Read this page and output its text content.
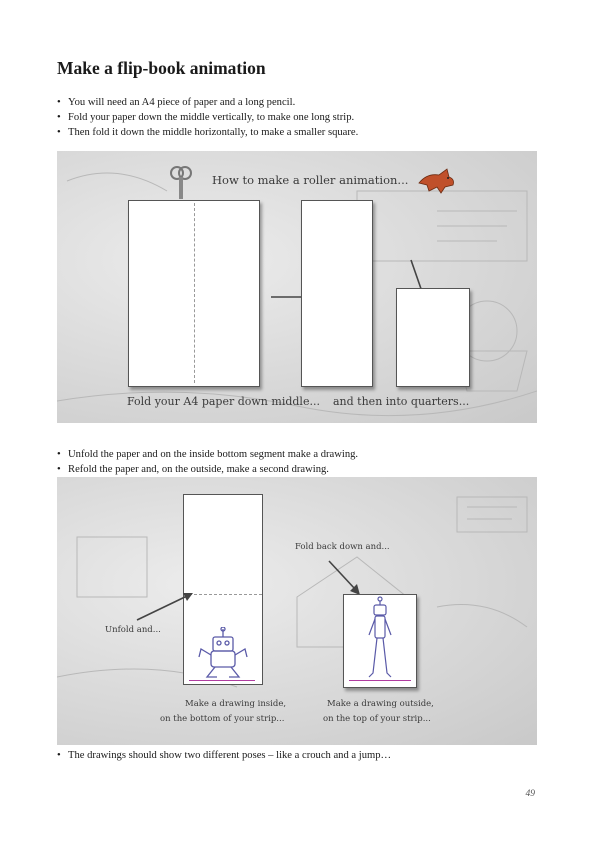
Make a flip-book animation
• You will need an A4 piece of paper and a long pencil.
• Fold your paper down the middle vertically, to make one long strip.
• Then fold it down the middle horizontally, to make a smaller square.
How to make a roller animation...
Fold your A4 paper down middle... and then into quarters...
• Unfold the paper and on the inside bottom segment make a drawing.
• Refold the paper and, on the outside, make a second drawing.
Unfold and...
Make a drawing inside,
on the bottom of your strip...
Fold back down and...
Make a drawing outside,
on the top of your strip...
• The drawings should show two different poses – like a crouch and a jump…
49
